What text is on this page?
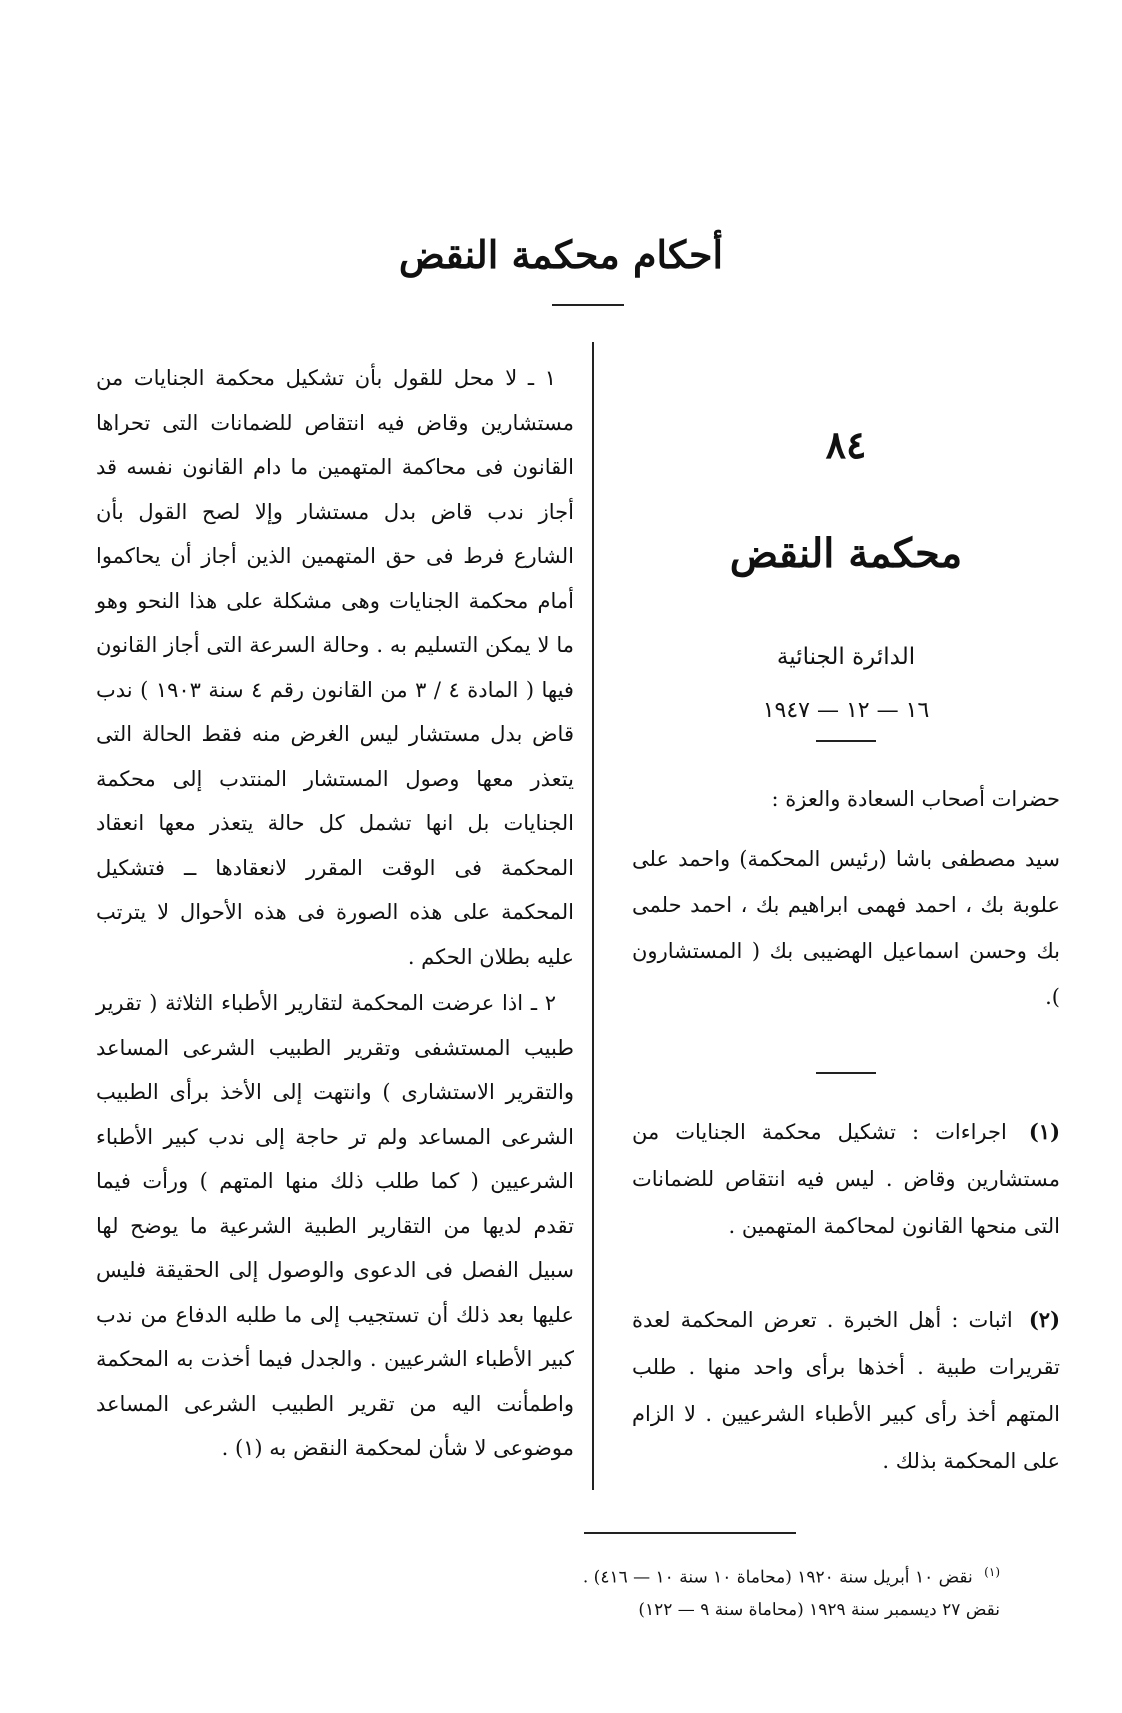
أحكام محكمة النقض
٨٤
محكمة النقض
الدائرة الجنائية
١٦ — ١٢ — ١٩٤٧

حضرات أصحاب السعادة والعزة :

سيد مصطفى باشا (رئيس المحكمة) واحمد على علوبة بك ، احمد فهمى ابراهيم بك ، احمد حلمى بك وحسن اسماعيل الهضيبى بك ( المستشارون ).

(١) اجراءات : تشكيل محكمة الجنايات من مستشارين وقاض . ليس فيه انتقاص للضمانات التى منحها القانون لمحاكمة المتهمين .

(٢) اثبات : أهل الخبرة . تعرض المحكمة لعدة تقريرات طبية . أخذها برأى واحد منها . طلب المتهم أخذ رأى كبير الأطباء الشرعيين . لا الزام على المحكمة بذلك .

١ ـ لا محل للقول بأن تشكيل محكمة الجنايات من مستشارين وقاض فيه انتقاص للضمانات التى تحراها القانون فى محاكمة المتهمين ما دام القانون نفسه قد أجاز ندب قاض بدل مستشار وإلا لصح القول بأن الشارع فرط فى حق المتهمين الذين أجاز أن يحاكموا أمام محكمة الجنايات وهى مشكلة على هذا النحو وهو ما لا يمكن التسليم به . وحالة السرعة التى أجاز القانون فيها ( المادة ٤ / ٣ من القانون رقم ٤ سنة ١٩٠٣ ) ندب قاض بدل مستشار ليس الغرض منه فقط الحالة التى يتعذر معها وصول المستشار المنتدب إلى محكمة الجنايات بل انها تشمل كل حالة يتعذر معها انعقاد المحكمة فى الوقت المقرر لانعقادها ــ فتشكيل المحكمة على هذه الصورة فى هذه الأحوال لا يترتب عليه بطلان الحكم .

٢ ـ اذا عرضت المحكمة لتقارير الأطباء الثلاثة ( تقرير طبيب المستشفى وتقرير الطبيب الشرعى المساعد والتقرير الاستشارى ) وانتهت إلى الأخذ برأى الطبيب الشرعى المساعد ولم تر حاجة إلى ندب كبير الأطباء الشرعيين ( كما طلب ذلك منها المتهم ) ورأت فيما تقدم لديها من التقارير الطبية الشرعية ما يوضح لها سبيل الفصل فى الدعوى والوصول إلى الحقيقة فليس عليها بعد ذلك أن تستجيب إلى ما طلبه الدفاع من ندب كبير الأطباء الشرعيين . والجدل فيما أخذت به المحكمة واطمأنت اليه من تقرير الطبيب الشرعى المساعد موضوعى لا شأن لمحكمة النقض به (١) .

$^{(١)}$ نقض ١٠ أبريل سنة ١٩٢٠ (محاماة ١٠ سنة ١٠ — ٤١٦) .

نقض ٢٧ ديسمبر سنة ١٩٢٩ (محاماة سنة ٩ — ١٢٢)
